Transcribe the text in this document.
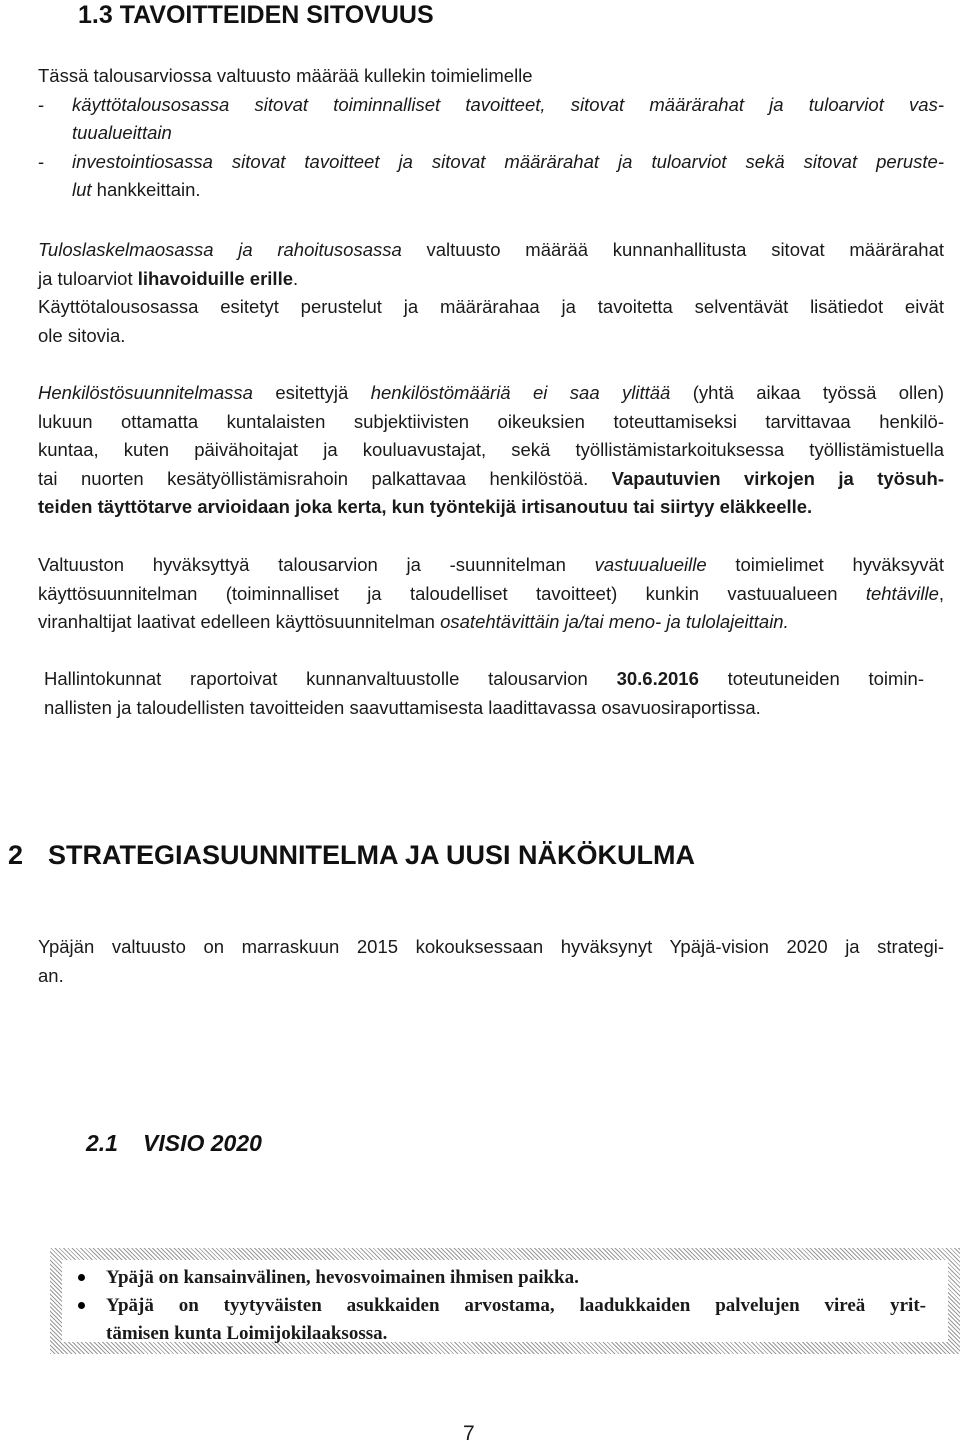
1.3 TAVOITTEIDEN SITOVUUS
Tässä talousarviossa valtuusto määrää kullekin toimielimelle
- käyttötalousosassa sitovat toiminnalliset tavoitteet, sitovat määrärahat ja tuloarviot vas-
tuualueittain
- investointiosassa sitovat tavoitteet ja sitovat määrärahat ja tuloarviot sekä sitovat peruste-
lut hankkeittain.
Tuloslaskelmaosassa ja rahoitusosassa valtuusto määrää kunnanhallitusta sitovat määrärahat
ja tuloarviot lihavoiduille erille.
Käyttötalousosassa esitetyt perustelut ja määrärahaa ja tavoitetta selventävät lisätiedot eivät
ole sitovia.
Henkilöstösuunnitelmassa esitettyjä henkilöstömääriä ei saa ylittää (yhtä aikaa työssä ollen)
lukuun ottamatta kuntalaisten subjektiivisten oikeuksien toteuttamiseksi tarvittavaa henkilö-
kuntaa, kuten päivähoitajat ja kouluavustajat, sekä työllistämistarkoituksessa työllistämistuella
tai nuorten kesätyöllistämisrahoin palkattavaa henkilöstöä. Vapautuvien virkojen ja työsuh-
teiden täyttötarve arvioidaan joka kerta, kun työntekijä irtisanoutuu tai siirtyy eläkkeelle.
Valtuuston hyväksyttyä talousarvion ja -suunnitelman vastuualueille toimielimet hyväksyvät
käyttösuunnitelman (toiminnalliset ja taloudelliset tavoitteet) kunkin vastuualueen tehtäville,
viranhaltijat laativat edelleen käyttösuunnitelman osatehtävittäin ja/tai meno- ja tulolajeittain.
Hallintokunnat raportoivat kunnanvaltuustolle talousarvion 30.6.2016 toteutuneiden toimin-
nallisten ja taloudellisten tavoitteiden saavuttamisesta laadittavassa osavuosiraportissa.
2 STRATEGIASUUNNITELMA JA UUSI NÄKÖKULMA
Ypäjän valtuusto on marraskuun 2015 kokouksessaan hyväksynyt Ypäjä-vision 2020 ja strategi-
an.
2.1 VISIO 2020
Ypäjä on kansainvälinen, hevosvoimainen ihmisen paikka.
Ypäjä on tyytyväisten asukkaiden arvostama, laadukkaiden palvelujen vireä yrit-
tämisen kunta Loimijokilaaksossa.

7
